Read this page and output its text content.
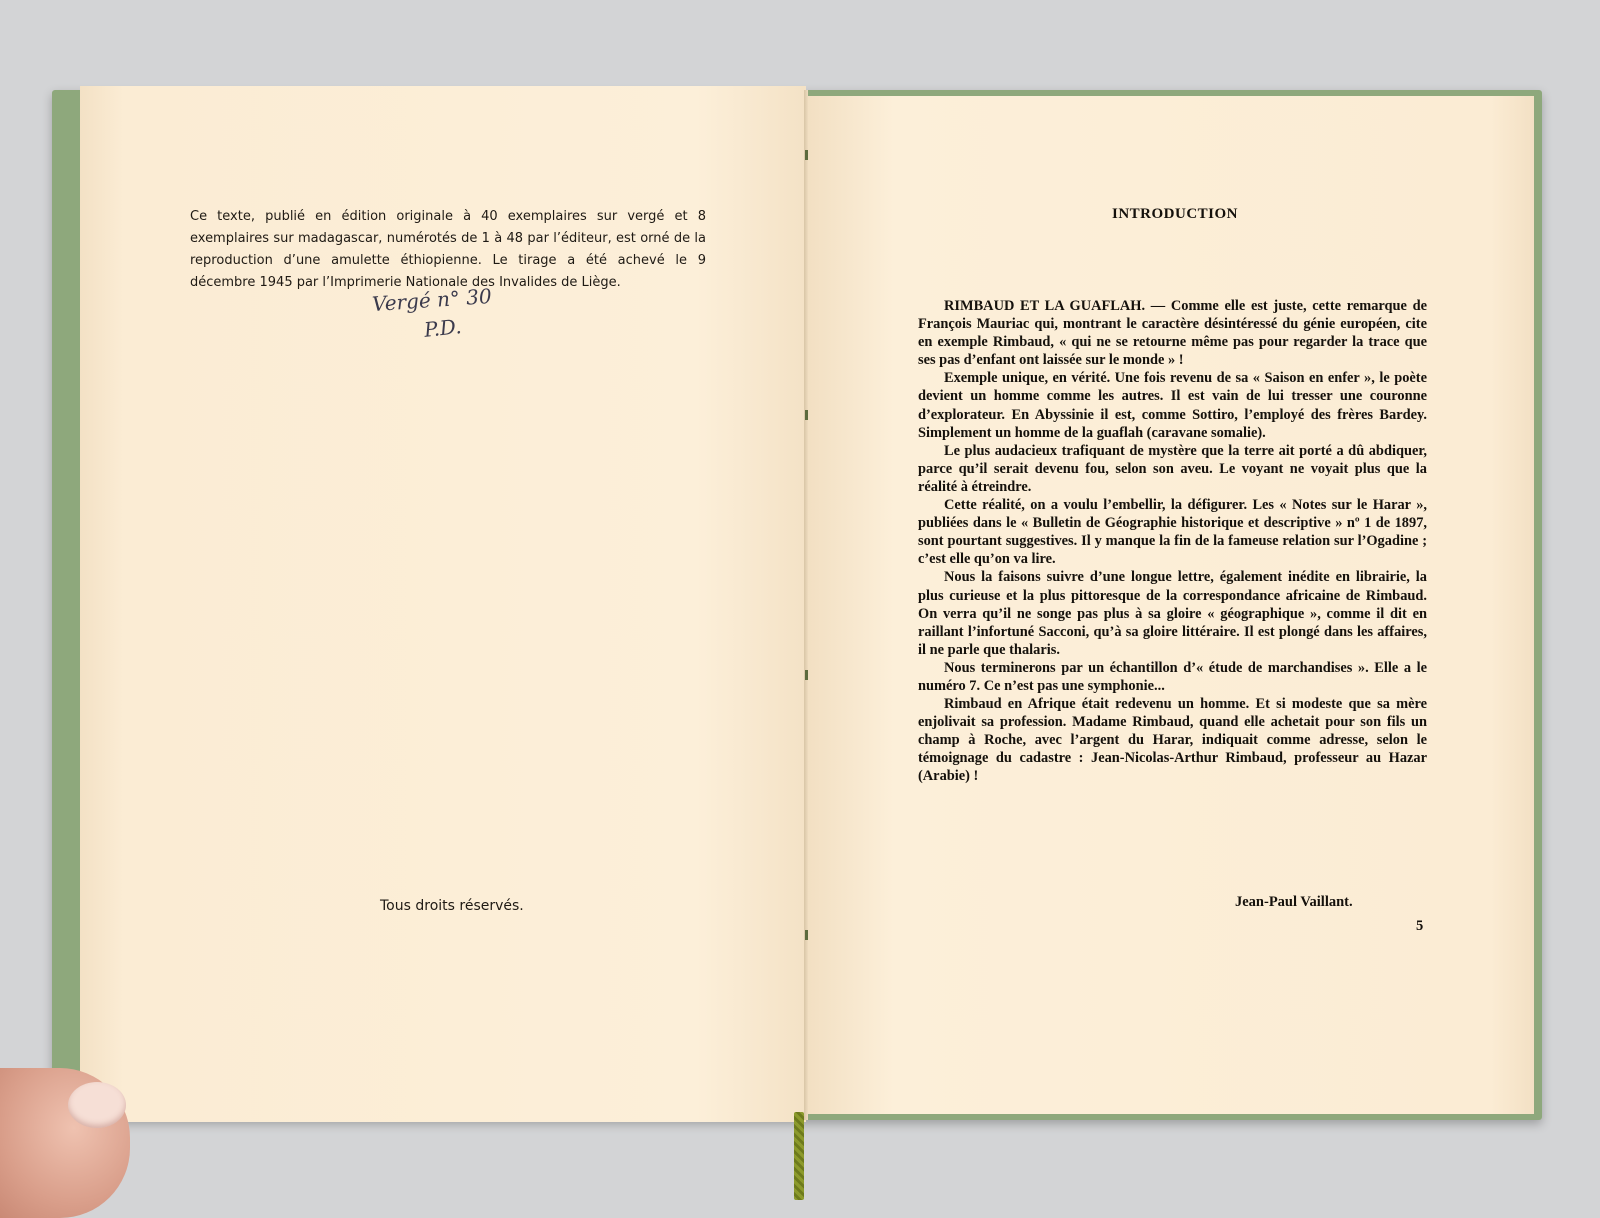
Ce texte, publié en édition originale à 40 exemplaires sur vergé et 8 exemplaires sur madagascar, numérotés de 1 à 48 par l’éditeur, est orné de la reproduction d’une amulette éthiopienne. Le tirage a été achevé le 9 décembre 1945 par l’Imprimerie Nationale des Invalides de Liège.
Vergé n° 30
P.D.
Tous droits réservés.
INTRODUCTION

RIMBAUD ET LA GUAFLAH. — Comme elle est juste, cette remarque de François Mauriac qui, montrant le caractère désintéressé du génie européen, cite en exemple Rimbaud, « qui ne se retourne même pas pour regarder la trace que ses pas d’enfant ont laissée sur le monde » !

Exemple unique, en vérité. Une fois revenu de sa « Saison en enfer », le poète devient un homme comme les autres. Il est vain de lui tresser une couronne d’explorateur. En Abyssinie il est, comme Sottiro, l’employé des frères Bardey. Simplement un homme de la guaflah (caravane somalie).

Le plus audacieux trafiquant de mystère que la terre ait porté a dû abdiquer, parce qu’il serait devenu fou, selon son aveu. Le voyant ne voyait plus que la réalité à étreindre.

Cette réalité, on a voulu l’embellir, la défigurer. Les « Notes sur le Harar », publiées dans le « Bulletin de Géographie historique et descriptive » nº 1 de 1897, sont pourtant suggestives. Il y manque la fin de la fameuse relation sur l’Ogadine ; c’est elle qu’on va lire.

Nous la faisons suivre d’une longue lettre, également inédite en librairie, la plus curieuse et la plus pittoresque de la correspondance africaine de Rimbaud. On verra qu’il ne songe pas plus à sa gloire « géographique », comme il dit en raillant l’infortuné Sacconi, qu’à sa gloire littéraire. Il est plongé dans les affaires, il ne parle que thalaris.

Nous terminerons par un échantillon d’« étude de marchandises ». Elle a le numéro 7. Ce n’est pas une symphonie...

Rimbaud en Afrique était redevenu un homme. Et si modeste que sa mère enjolivait sa profession. Madame Rimbaud, quand elle achetait pour son fils un champ à Roche, avec l’argent du Harar, indiquait comme adresse, selon le témoignage du cadastre : Jean-Nicolas-Arthur Rimbaud, professeur au Hazar (Arabie) !

Jean-Paul Vaillant.
5
